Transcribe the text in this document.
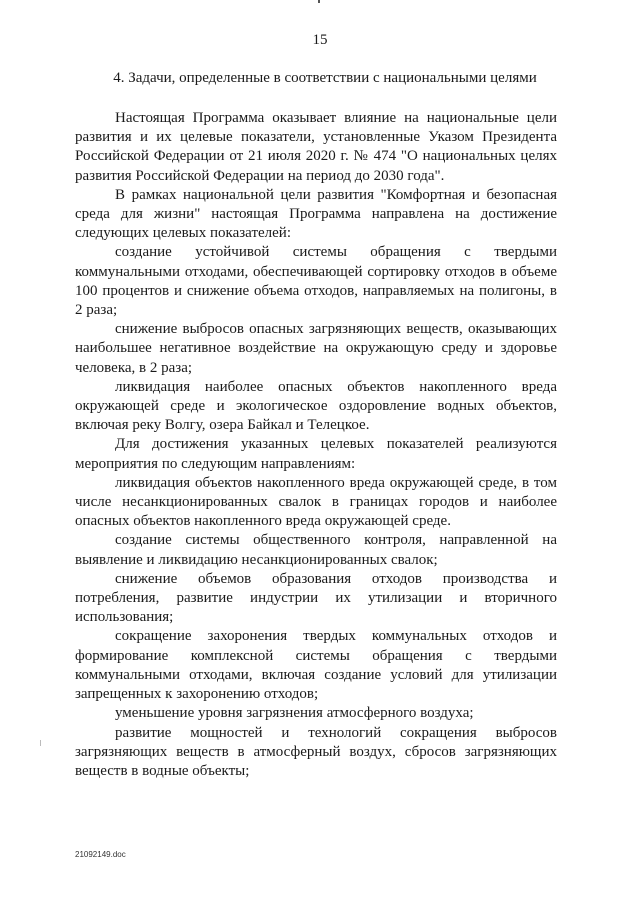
15
4. Задачи, определенные в соответствии с национальными целями

Настоящая Программа оказывает влияние на национальные цели развития и их целевые показатели, установленные Указом Президента Российской Федерации от 21 июля 2020 г. № 474 "О национальных целях развития Российской Федерации на период до 2030 года".

В рамках национальной цели развития "Комфортная и безопасная среда для жизни" настоящая Программа направлена на достижение следующих целевых показателей:

создание устойчивой системы обращения с твердыми коммунальными отходами, обеспечивающей сортировку отходов в объеме 100 процентов и снижение объема отходов, направляемых на полигоны, в 2 раза;

снижение выбросов опасных загрязняющих веществ, оказывающих наибольшее негативное воздействие на окружающую среду и здоровье человека, в 2 раза;

ликвидация наиболее опасных объектов накопленного вреда окружающей среде и экологическое оздоровление водных объектов, включая реку Волгу, озера Байкал и Телецкое.

Для достижения указанных целевых показателей реализуются мероприятия по следующим направлениям:

ликвидация объектов накопленного вреда окружающей среде, в том числе несанкционированных свалок в границах городов и наиболее опасных объектов накопленного вреда окружающей среде.

создание системы общественного контроля, направленной на выявление и ликвидацию несанкционированных свалок;

снижение объемов образования отходов производства и потребления, развитие индустрии их утилизации и вторичного использования;

сокращение захоронения твердых коммунальных отходов и формирование комплексной системы обращения с твердыми коммунальными отходами, включая создание условий для утилизации запрещенных к захоронению отходов;

уменьшение уровня загрязнения атмосферного воздуха;

развитие мощностей и технологий сокращения выбросов загрязняющих веществ в атмосферный воздух, сбросов загрязняющих веществ в водные объекты;

21092149.doc
